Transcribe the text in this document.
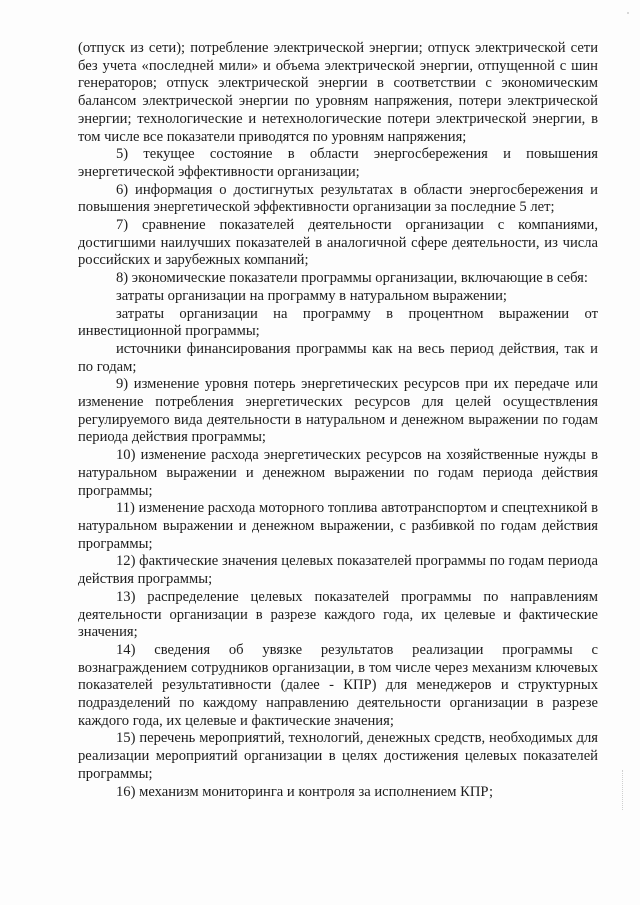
(отпуск из сети); потребление электрической энергии; отпуск электрической сети без учета «последней мили» и объема электрической энергии, отпущенной с шин генераторов; отпуск электрической энергии в соответствии с экономическим балансом электрической энергии по уровням напряжения, потери электрической энергии; технологические и нетехнологические потери электрической энергии, в том числе все показатели приводятся по уровням напряжения;

5) текущее состояние в области энергосбережения и повышения энергетической эффективности организации;

6) информация о достигнутых результатах в области энергосбережения и повышения энергетической эффективности организации за последние 5 лет;

7) сравнение показателей деятельности организации с компаниями, достигшими наилучших показателей в аналогичной сфере деятельности, из числа российских и зарубежных компаний;

8) экономические показатели программы организации, включающие в себя:

затраты организации на программу в натуральном выражении;

затраты организации на программу в процентном выражении от инвестиционной программы;

источники финансирования программы как на весь период действия, так и по годам;

9) изменение уровня потерь энергетических ресурсов при их передаче или изменение потребления энергетических ресурсов для целей осуществления регулируемого вида деятельности в натуральном и денежном выражении по годам периода действия программы;

10) изменение расхода энергетических ресурсов на хозяйственные нужды в натуральном выражении и денежном выражении по годам периода действия программы;

11) изменение расхода моторного топлива автотранспортом и спецтехникой в натуральном выражении и денежном выражении, с разбивкой по годам действия программы;

12) фактические значения целевых показателей программы по годам периода действия программы;

13) распределение целевых показателей программы по направлениям деятельности организации в разрезе каждого года, их целевые и фактические значения;

14) сведения об увязке результатов реализации программы с вознаграждением сотрудников организации, в том числе через механизм ключевых показателей результативности (далее - КПР) для менеджеров и структурных подразделений по каждому направлению деятельности организации в разрезе каждого года, их целевые и фактические значения;

15) перечень мероприятий, технологий, денежных средств, необходимых для реализации мероприятий организации в целях достижения целевых показателей программы;

16) механизм мониторинга и контроля за исполнением КПР;
